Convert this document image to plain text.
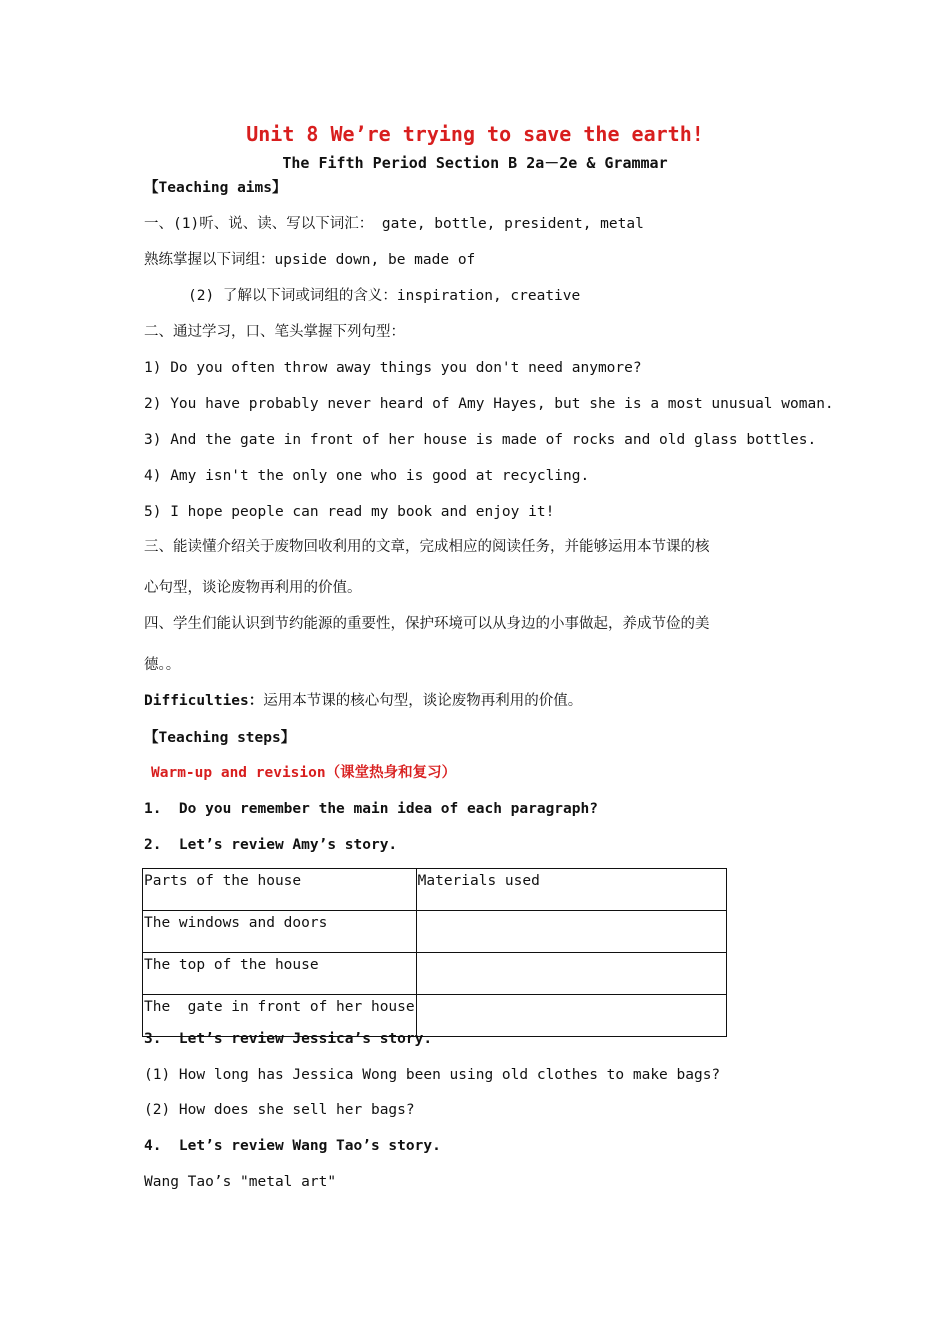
Unit 8 We’re trying to save the earth!
The Fifth Period Section B 2a－2e & Grammar
【Teaching aims】
一、(1)听、说、读、写以下词汇： gate, bottle, president, metal
熟练掌握以下词组：upside down, be made of
(2) 了解以下词或词组的含义：inspiration, creative
二、通过学习，口、笔头掌握下列句型：
1) Do you often throw away things you don't need anymore?
2) You have probably never heard of Amy Hayes, but she is a most unusual woman.
3) And the gate in front of her house is made of rocks and old glass bottles.
4) Amy isn't the only one who is good at recycling.
5) I hope people can read my book and enjoy it!
三、能读懂介绍关于废物回收利用的文章，完成相应的阅读任务，并能够运用本节课的核
心句型，谈论废物再利用的价值。
四、学生们能认识到节约能源的重要性，保护环境可以从身边的小事做起，养成节俭的美
德。。
Difficulties：运用本节课的核心句型，谈论废物再利用的价值。
【Teaching steps】
Warm-up and revision（课堂热身和复习）
1.  Do you remember the main idea of each paragraph?
2.  Let’s review Amy’s story.
Parts of the house	Materials used
The windows and doors	
The top of the house	
The  gate in front of her house	
3.  Let’s review Jessica’s story.
(1) How long has Jessica Wong been using old clothes to make bags?
(2) How does she sell her bags?
4.  Let’s review Wang Tao’s story.
Wang Tao’s "metal art"
